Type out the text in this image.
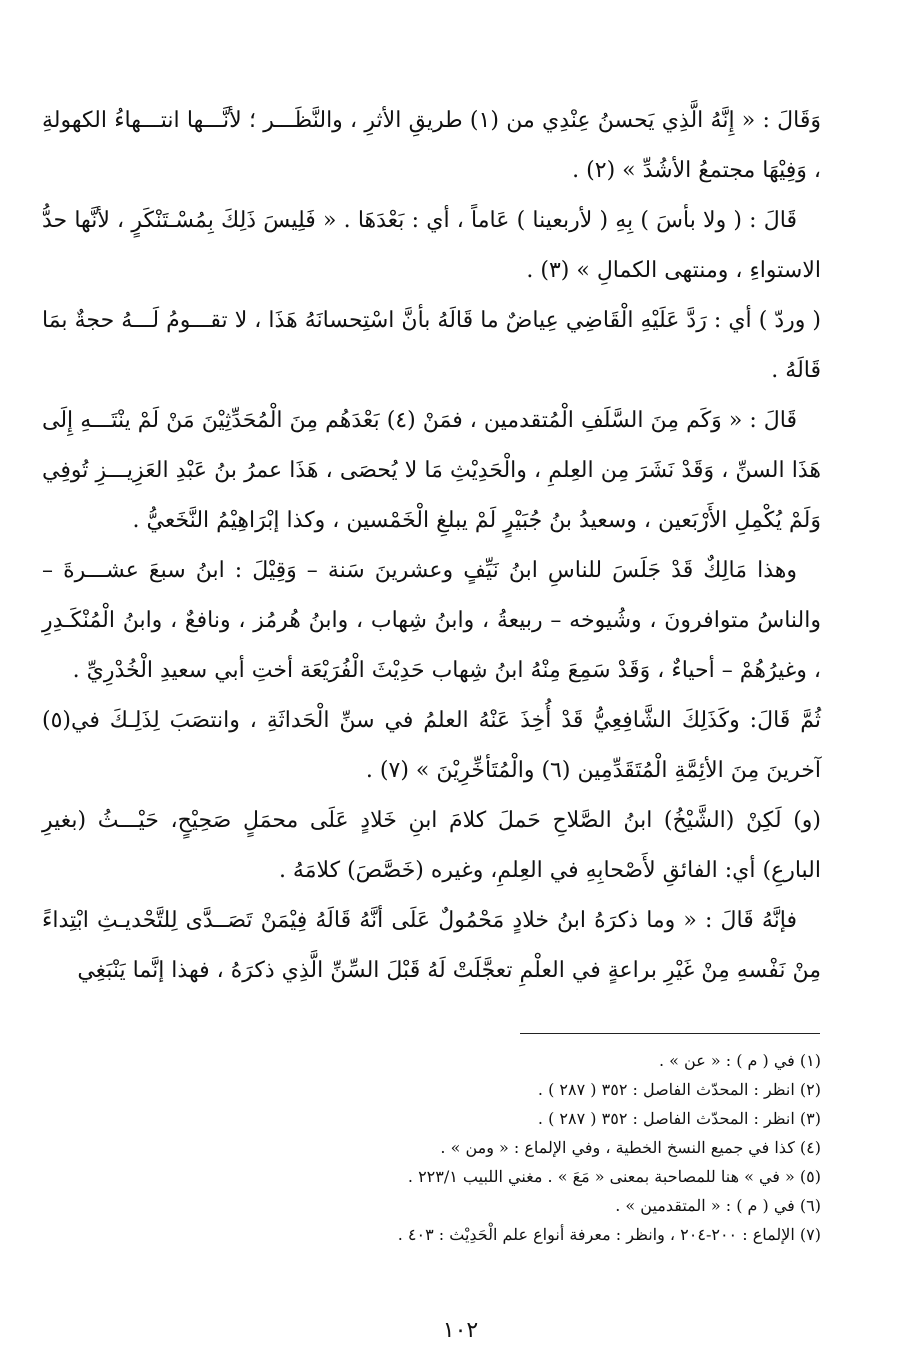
وَقَالَ : « إِنَّهُ الَّذِي يَحسنُ عِنْدِي من (١) طريقِ الأثرِ ، والنَّظَـــر ؛ لأنَّـــها انتـــهاءُ الكهولةِ ، وَفِيْهَا مجتمعُ الأشُدِّ » (٢) .

قَالَ : ( ولا بأسَ ) بِهِ ( لأربعينا ) عَاماً ، أي : بَعْدَهَا . « فَلِيسَ ذَلِكَ بِمُسْـتَنْكَرٍ ، لأنَّها حدُّ الاستواءِ ، ومنتهى الكمالِ » (٣) .

( وردّ ) أي : رَدَّ عَلَيْهِ الْقَاضِي عِياضٌ ما قَالَهُ بأنَّ اسْتِحسانَهُ هَذَا ، لا تقـــومُ لَـــهُ حجةٌ بمَا قَالَهُ .

قَالَ : « وَكَم مِنَ السَّلَفِ الْمُتقدمين ، فمَنْ (٤) بَعْدَهُم مِنَ الْمُحَدِّثِيْنَ مَنْ لَمْ ينْتَـــهِ إِلَى هَذَا السنِّ ، وَقَدْ نَشَرَ مِن العِلمِ ، والْحَدِيْثِ مَا لا يُحصَى ، هَذَا عمرُ بنُ عَبْدِ العَزِيـــزِ تُوفِي وَلَمْ يُكْمِلِ الأَرْبَعين ، وسعيدُ بنُ جُبَيْرٍ لَمْ يبلغِ الْخَمْسين ، وكذا إبْرَاهِيْمُ النَّخَعيُّ .

وهذا مَالِكٌ قَدْ جَلَسَ للناسِ ابنُ نَيِّفٍ وعشرينَ سَنة – وَقِيْلَ : ابنُ سبعَ عشـــرةَ – والناسُ متوافرونَ ، وشُيوخه – ربيعةُ ، وابنُ شِهاب ، وابنُ هُرمُز ، ونافعٌ ، وابنُ الْمُنْكَـدِرِ ، وغيرُهُمْ – أحياءٌ ، وَقَدْ سَمِعَ مِنْهُ ابنُ شِهاب حَدِيْثَ الْفُرَيْعَة أختِ أبي سعيدِ الْخُدْرِيِّ .

ثُمَّ قَالَ: وكَذَلِكَ الشَّافِعِيُّ قَدْ أُخِذَ عَنْهُ العلمُ في سنِّ الْحَداثَةِ ، وانتصَبَ لِذَلِـكَ في(٥) آخرينَ مِنَ الأئِمَّةِ الْمُتَقَدِّمِين (٦) والْمُتَأخِّرِيْنَ » (٧) .

(و) لَكِنْ (الشَّيْخُ) ابنُ الصَّلاحِ حَملَ كلامَ ابنِ خَلادٍ عَلَى محمَلٍ صَحِيْحٍ، حَيْـــثُ (بغيرِ البارعِ) أي: الفائقِ لأَصْحابِهِ في العِلمِ، وغيره (خَصَّصَ) كلامَهُ .

فإنَّهُ قَالَ : « وما ذكرَهُ ابنُ خلادٍ مَحْمُولٌ عَلَى أنَّهُ قَالَهُ فِيْمَنْ تَصَــدَّى لِلتَّحْديـثِ ابْتِداءً مِنْ نَفْسهِ مِنْ غَيْرِ براعةٍ في العلْمِ تعجَّلَتْ لَهُ قَبْلَ السِّنِّ الَّذِي ذكرَهُ ، فهذا إنَّما يَنْبَغِي

(١) في ( م ) : « عن » .
(٢) انظر : المحدّث الفاصل : ٣٥٢ ( ٢٨٧ ) .
(٣) انظر : المحدّث الفاصل : ٣٥٢ ( ٢٨٧ ) .
(٤) كذا في جميع النسخ الخطية ، وفي الإلماع : « ومن » .
(٥) « في » هنا للمصاحبة بمعنى « مَعَ » . مغني اللبيب ٢٢٣/١ .
(٦) في ( م ) : « المتقدمين » .
(٧) الإلماع : ٢٠٠-٢٠٤ ، وانظر : معرفة أنواع علم الْحَدِيْث : ٤٠٣ .
١٠٢
